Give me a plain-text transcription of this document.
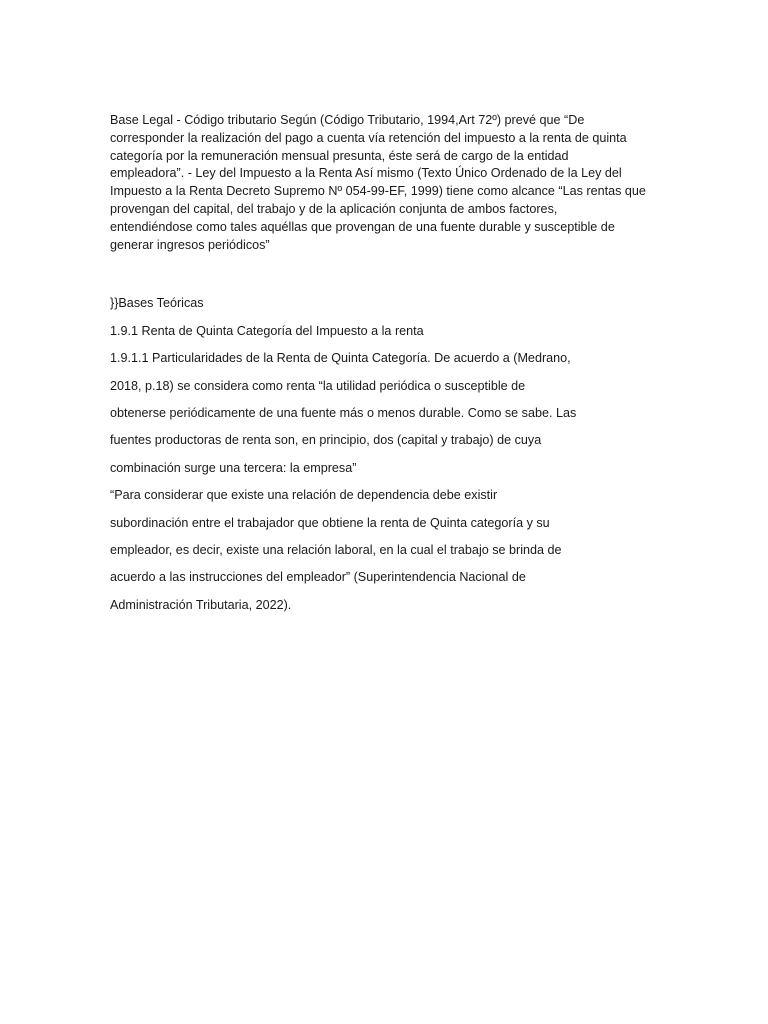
Base Legal - Código tributario Según (Código Tributario, 1994,Art 72º) prevé que “De
corresponder la realización del pago a cuenta vía retención del impuesto a la renta de quinta
categoría por la remuneración mensual presunta, éste será de cargo de la entidad
empleadora”. - Ley del Impuesto a la Renta Así mismo (Texto Único Ordenado de la Ley del
Impuesto a la Renta Decreto Supremo Nº 054-99-EF, 1999) tiene como alcance “Las rentas que
provengan del capital, del trabajo y de la aplicación conjunta de ambos factores,
entendiéndose como tales aquéllas que provengan de una fuente durable y susceptible de
generar ingresos periódicos”

}}Bases Teóricas
1.9.1 Renta de Quinta Categoría del Impuesto a la renta
1.9.1.1 Particularidades de la Renta de Quinta Categoría. De acuerdo a (Medrano,
2018, p.18) se considera como renta “la utilidad periódica o susceptible de
obtenerse periódicamente de una fuente más o menos durable. Como se sabe. Las
fuentes productoras de renta son, en principio, dos (capital y trabajo) de cuya
combinación surge una tercera: la empresa”
“Para considerar que existe una relación de dependencia debe existir
subordinación entre el trabajador que obtiene la renta de Quinta categoría y su
empleador, es decir, existe una relación laboral, en la cual el trabajo se brinda de
acuerdo a las instrucciones del empleador” (Superintendencia Nacional de
Administración Tributaria, 2022).
